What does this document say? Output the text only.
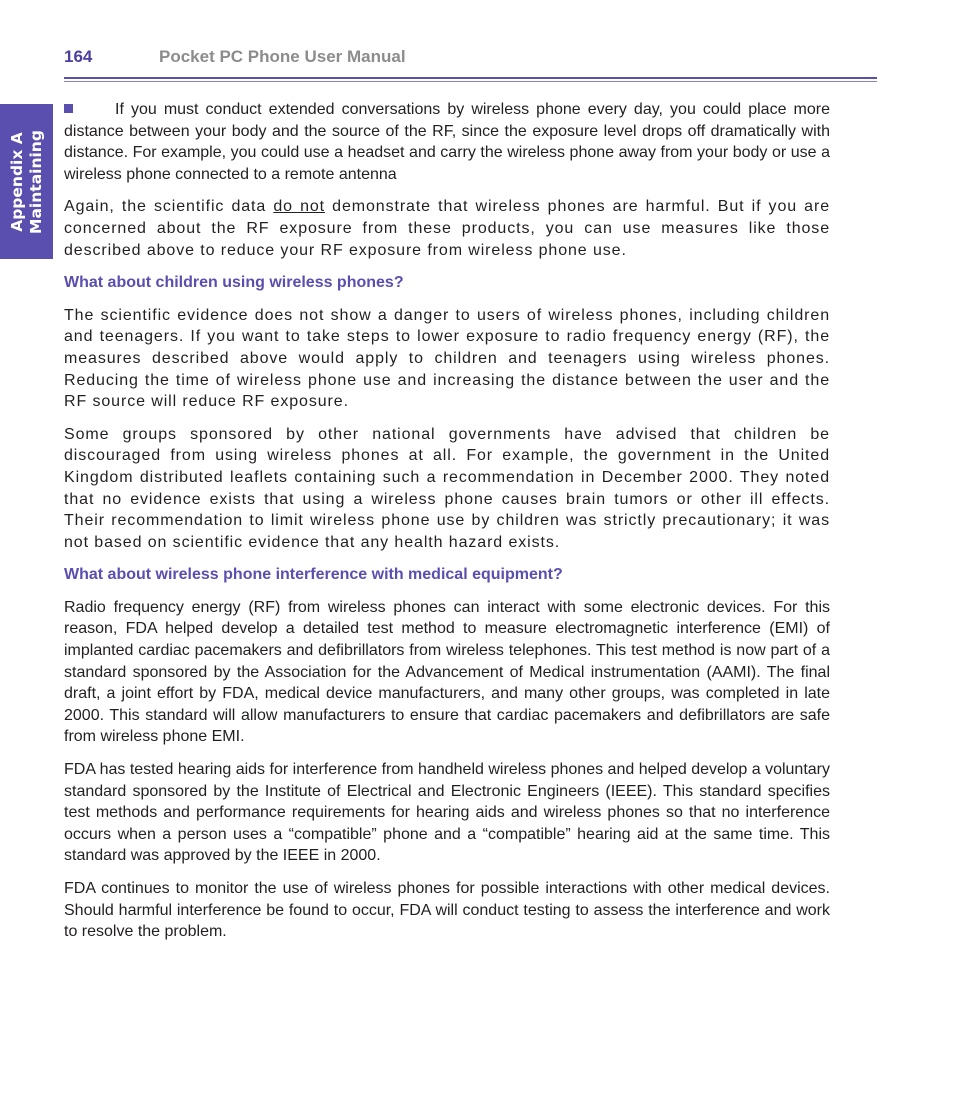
164	Pocket PC Phone User Manual
Appendix A Maintaining

If you must conduct extended conversations by wireless phone every day, you could place more distance between your body and the source of the RF, since the exposure level drops off dramatically with distance. For example, you could use a headset and carry the wireless phone away from your body or use a wireless phone connected to a remote antenna

Again, the scientific data do not demonstrate that wireless phones are harmful. But if you are concerned about the RF exposure from these products, you can use measures like those described above to reduce your RF exposure from wireless phone use.

What about children using wireless phones?

The scientific evidence does not show a danger to users of wireless phones, including children and teenagers. If you want to take steps to lower exposure to radio frequency energy (RF), the measures described above would apply to children and teenagers using wireless phones. Reducing the time of wireless phone use and increasing the distance between the user and the RF source will reduce RF exposure.

Some groups sponsored by other national governments have advised that children be discouraged from using wireless phones at all. For example, the government in the United Kingdom distributed leaflets containing such a recommendation in December 2000. They noted that no evidence exists that using a wireless phone causes brain tumors or other ill effects. Their recommendation to limit wireless phone use by children was strictly precautionary; it was not based on scientific evidence that any health hazard exists.

What about wireless phone interference with medical equipment?

Radio frequency energy (RF) from wireless phones can interact with some electronic devices. For this reason, FDA helped develop a detailed test method to measure electromagnetic interference (EMI) of implanted cardiac pacemakers and defibrillators from wireless telephones. This test method is now part of a standard sponsored by the Association for the Advancement of Medical instrumentation (AAMI). The final draft, a joint effort by FDA, medical device manufacturers, and many other groups, was completed in late 2000. This standard will allow manufacturers to ensure that cardiac pacemakers and defibrillators are safe from wireless phone EMI.

FDA has tested hearing aids for interference from handheld wireless phones and helped develop a voluntary standard sponsored by the Institute of Electrical and Electronic Engineers (IEEE). This standard specifies test methods and performance requirements for hearing aids and wireless phones so that no interference occurs when a person uses a “compatible” phone and a “compatible” hearing aid at the same time. This standard was approved by the IEEE in 2000.

FDA continues to monitor the use of wireless phones for possible interactions with other medical devices. Should harmful interference be found to occur, FDA will conduct testing to assess the interference and work to resolve the problem.
